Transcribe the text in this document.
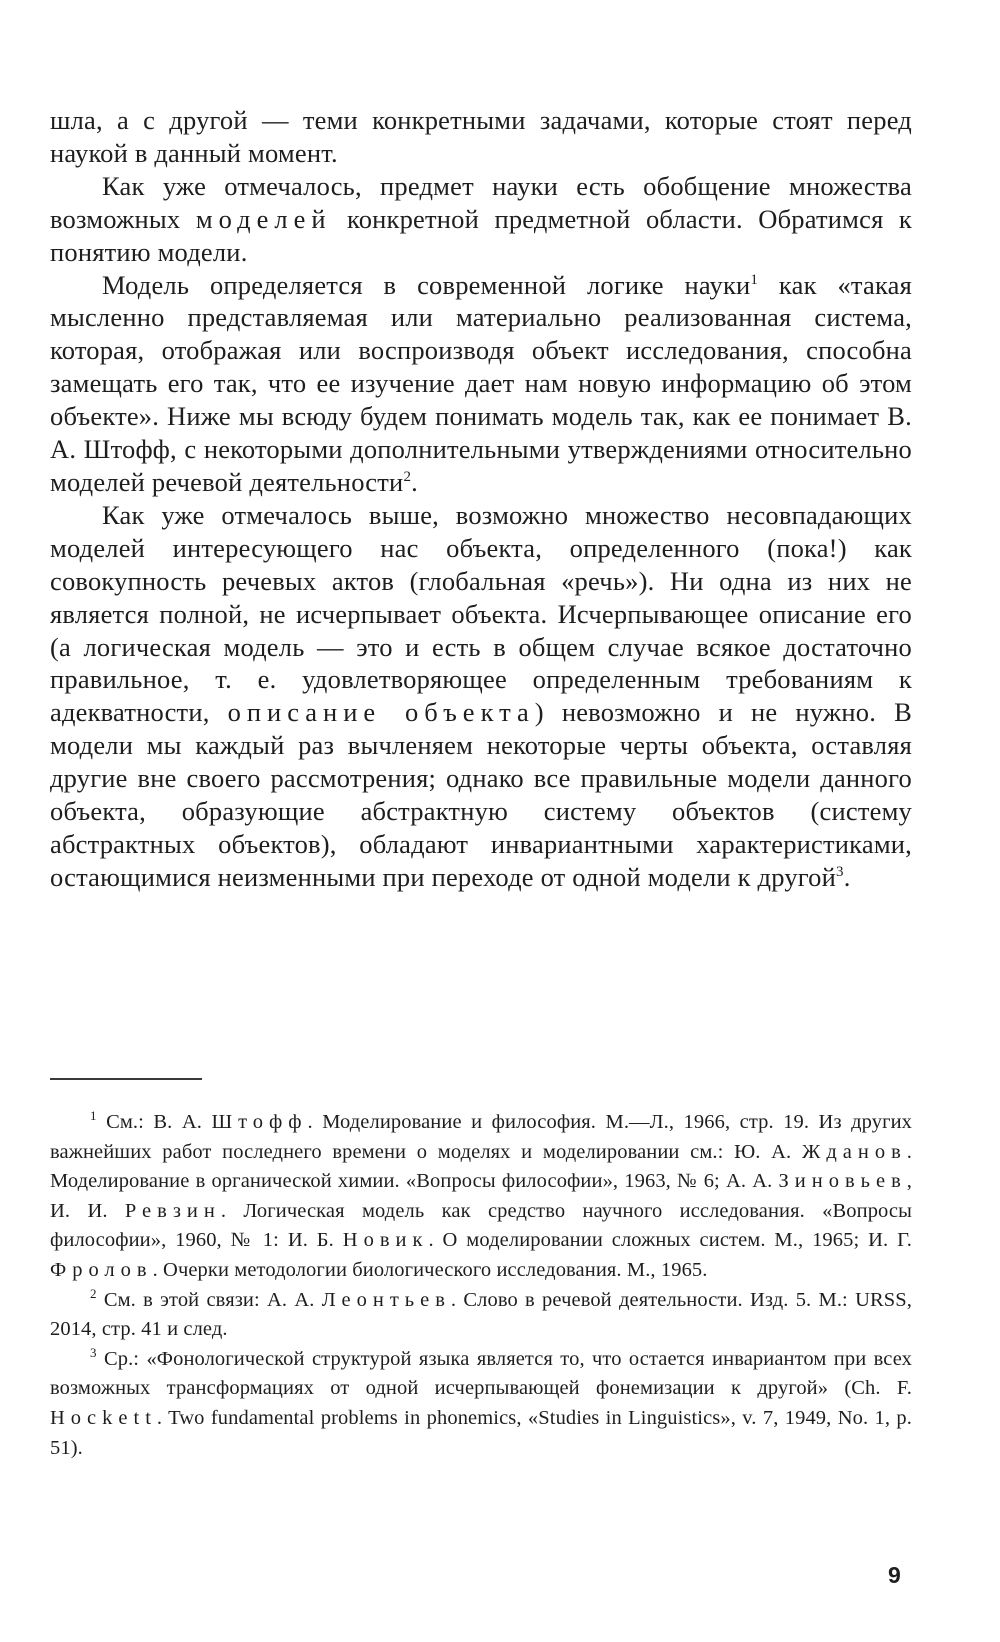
шла, а с другой — теми конкретными задачами, которые стоят перед наукой в данный момент.

Как уже отмечалось, предмет науки есть обобщение множества возможных моделей конкретной предметной области. Обратимся к понятию модели.

Модель определяется в современной логике науки$^1$ как «такая мысленно представляемая или материально реализованная система, которая, отображая или воспроизводя объект исследования, способна замещать его так, что ее изучение дает нам новую информацию об этом объекте». Ниже мы всюду будем понимать модель так, как ее понимает В. А. Штофф, с некоторыми дополнительными утверждениями относительно моделей речевой деятельности$^2$.

Как уже отмечалось выше, возможно множество несовпадающих моделей интересующего нас объекта, определенного (пока!) как совокупность речевых актов (глобальная «речь»). Ни одна из них не является полной, не исчерпывает объекта. Исчерпывающее описание его (а логическая модель — это и есть в общем случае всякое достаточно правильное, т. е. удовлетворяющее определенным требованиям к адекватности, описание объекта) невозможно и не нужно. В модели мы каждый раз вычленяем некоторые черты объекта, оставляя другие вне своего рассмотрения; однако все правильные модели данного объекта, образующие абстрактную систему объектов (систему абстрактных объектов), обладают инвариантными характеристиками, остающимися неизменными при переходе от одной модели к другой$^3$.

$^1$ См.: В. А. Штофф. Моделирование и философия. М.—Л., 1966, стр. 19. Из других важнейших работ последнего времени о моделях и моделировании см.: Ю. А. Жданов. Моделирование в органической химии. «Вопросы философии», 1963, № 6; А. А. Зиновьев, И. И. Ревзин. Логическая модель как средство научного исследования. «Вопросы философии», 1960, № 1: И. Б. Новик. О моделировании сложных систем. М., 1965; И. Г. Фролов. Очерки методологии биологического исследования. М., 1965.

$^2$ См. в этой связи: А. А. Леонтьев. Слово в речевой деятельности. Изд. 5. М.: URSS, 2014, стр. 41 и след.

$^3$ Ср.: «Фонологической структурой языка является то, что остается инвариантом при всех возможных трансформациях от одной исчерпывающей фонемизации к другой» (Ch. F. Hockett. Two fundamental problems in phonemics, «Studies in Linguistics», v. 7, 1949, No. 1, p. 51).

9
